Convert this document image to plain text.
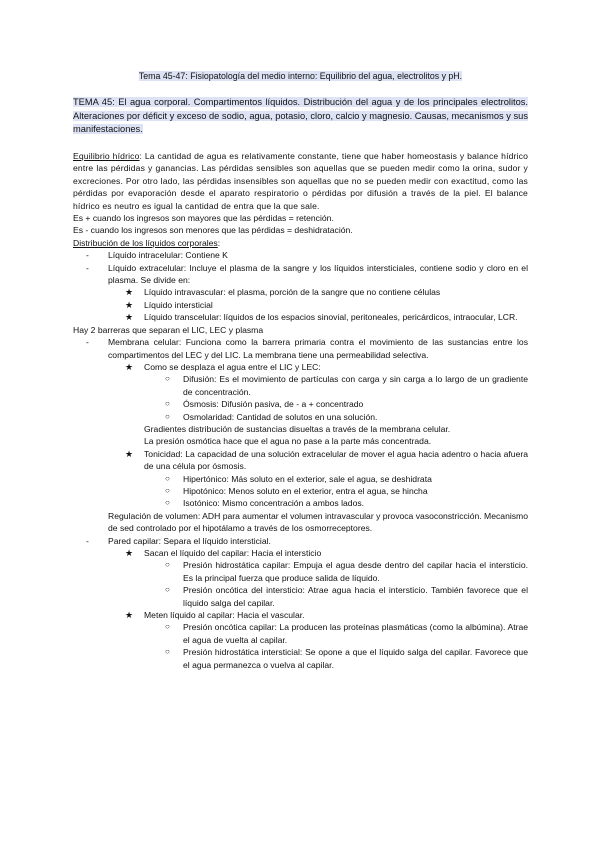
Tema 45-47: Fisiopatología del medio interno: Equilibrio del agua, electrolitos y pH.

TEMA 45: El agua corporal. Compartimentos líquidos. Distribución del agua y de los principales electrolitos. Alteraciones por déficit y exceso de sodio, agua, potasio, cloro, calcio y magnesio. Causas, mecanismos y sus manifestaciones.

Equilibrio hídrico: La cantidad de agua es relativamente constante, tiene que haber homeostasis y balance hídrico entre las pérdidas y ganancias. Las pérdidas sensibles son aquellas que se pueden medir como la orina, sudor y excreciones. Por otro lado, las pérdidas insensibles son aquellas que no se pueden medir con exactitud, como las pérdidas por evaporación desde el aparato respiratorio o pérdidas por difusión a través de la piel. El balance hídrico es neutro es igual la cantidad de entra que la que sale.

Es + cuando los ingresos son mayores que las pérdidas = retención.

Es - cuando los ingresos son menores que las pérdidas = deshidratación.

Distribución de los líquidos corporales:

-	Líquido intracelular: Contiene K
-	Líquido extracelular: Incluye el plasma de la sangre y los líquidos intersticiales, contiene sodio y cloro en el plasma. Se divide en:
★	Líquido intravascular: el plasma, porción de la sangre que no contiene células
★	Líquido intersticial
★	Líquido transcelular: líquidos de los espacios sinovial, peritoneales, pericárdicos, intraocular, LCR.

Hay 2 barreras que separan el LIC, LEC y plasma

-	Membrana celular: Funciona como la barrera primaria contra el movimiento de las sustancias entre los compartimentos del LEC y del LIC. La membrana tiene una permeabilidad selectiva.
★	Como se desplaza el agua entre el LIC y LEC:
○	Difusión: Es el movimiento de partículas con carga y sin carga a lo largo de un gradiente de concentración.
○	Ósmosis: Difusión pasiva, de - a + concentrado
○	Osmolaridad: Cantidad de solutos en una solución.

Gradientes distribución de sustancias disueltas a través de la membrana celular.

La presión osmótica hace que el agua no pase a la parte más concentrada.

★	Tonicidad: La capacidad de una solución extracelular de mover el agua hacia adentro o hacia afuera de una célula por ósmosis.
○	Hipertónico: Más soluto en el exterior, sale el agua, se deshidrata
○	Hipotónico: Menos soluto en el exterior, entra el agua, se hincha
○	Isotónico: Mismo concentración a ambos lados.

Regulación de volumen: ADH para aumentar el volumen intravascular y provoca vasoconstricción. Mecanismo de sed controlado por el hipotálamo a través de los osmorreceptores.

-	Pared capilar: Separa el líquido intersticial.
★	Sacan el líquido del capilar: Hacia el intersticio
○	Presión hidrostática capilar: Empuja el agua desde dentro del capilar hacia el intersticio. Es la principal fuerza que produce salida de líquido.
○	Presión oncótica del intersticio: Atrae agua hacia el intersticio. También favorece que el líquido salga del capilar.
★	Meten líquido al capilar: Hacia el vascular.
○	Presión oncótica capilar: La producen las proteínas plasmáticas (como la albúmina). Atrae el agua de vuelta al capilar.
○	Presión hidrostática intersticial: Se opone a que el líquido salga del capilar. Favorece que el agua permanezca o vuelva al capilar.
